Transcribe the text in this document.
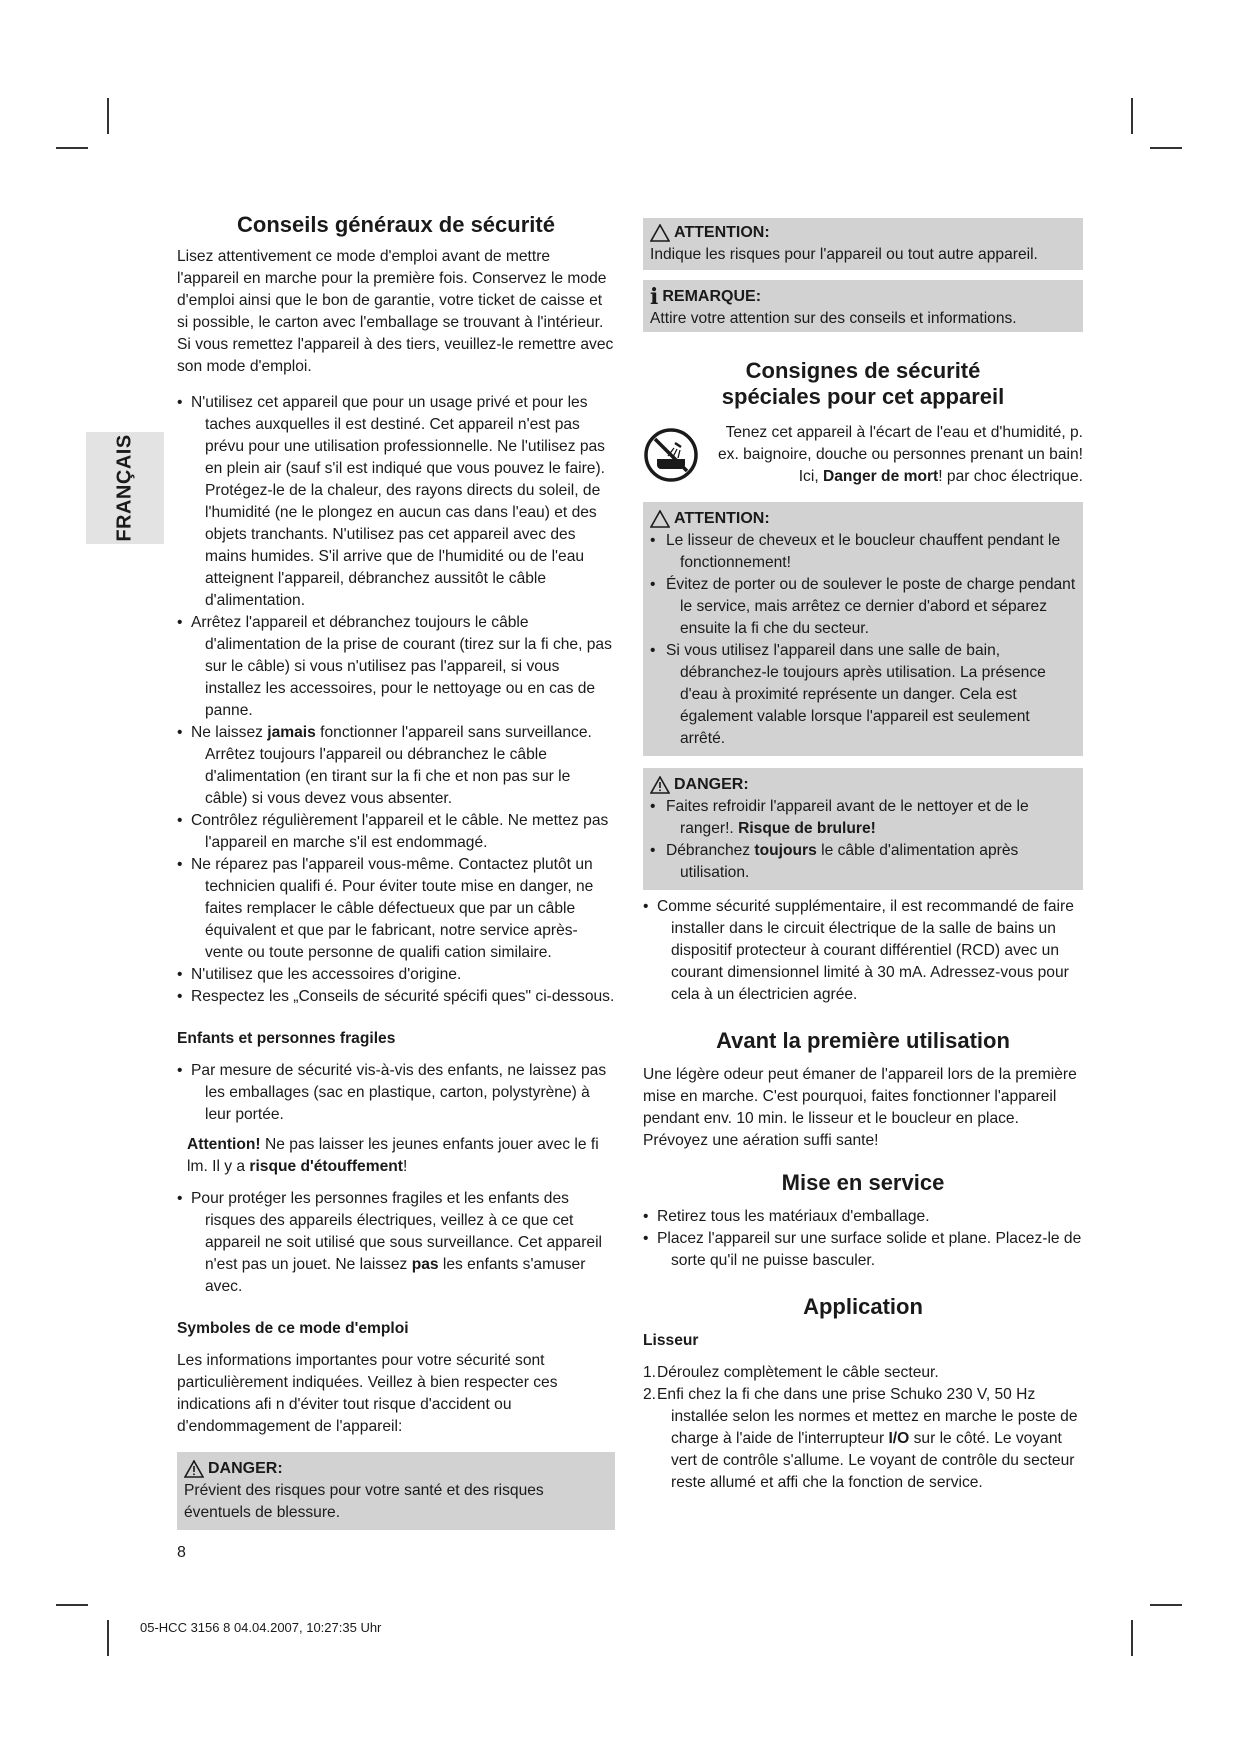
FRANÇAIS
Conseils généraux de sécurité

Lisez attentivement ce mode d'emploi avant de mettre l'appareil en marche pour la première fois. Conservez le mode d'emploi ainsi que le bon de garantie, votre ticket de caisse et si possible, le carton avec l'emballage se trouvant à l'intérieur. Si vous remettez l'appareil à des tiers, veuillez-le remettre avec son mode d'emploi.

• N'utilisez cet appareil que pour un usage privé et pour les taches auxquelles il est destiné. Cet appareil n'est pas prévu pour une utilisation professionnelle. Ne l'utilisez pas en plein air (sauf s'il est indiqué que vous pouvez le faire). Protégez-le de la chaleur, des rayons directs du soleil, de l'humidité (ne le plongez en aucun cas dans l'eau) et des objets tranchants. N'utilisez pas cet appareil avec des mains humides. S'il arrive que de l'humidité ou de l'eau atteignent l'appareil, débranchez aussitôt le câble d'alimentation.
• Arrêtez l'appareil et débranchez toujours le câble d'alimentation de la prise de courant (tirez sur la fi che, pas sur le câble) si vous n'utilisez pas l'appareil, si vous installez les accessoires, pour le nettoyage ou en cas de panne.
• Ne laissez jamais fonctionner l'appareil sans surveillance. Arrêtez toujours l'appareil ou débranchez le câble d'alimentation (en tirant sur la fi che et non pas sur le câble) si vous devez vous absenter.
• Contrôlez régulièrement l'appareil et le câble. Ne mettez pas l'appareil en marche s'il est endommagé.
• Ne réparez pas l'appareil vous-même. Contactez plutôt un technicien qualifi é. Pour éviter toute mise en danger, ne faites remplacer le câble défectueux que par un câble équivalent et que par le fabricant, notre service après-vente ou toute personne de qualifi cation similaire.
• N'utilisez que les accessoires d'origine.
• Respectez les „Conseils de sécurité spécifi ques" ci-dessous.
Enfants et personnes fragiles
• Par mesure de sécurité vis-à-vis des enfants, ne laissez pas les emballages (sac en plastique, carton, polystyrène) à leur portée.

Attention! Ne pas laisser les jeunes enfants jouer avec le fi lm. Il y a risque d'étouffement!

• Pour protéger les personnes fragiles et les enfants des risques des appareils électriques, veillez à ce que cet appareil ne soit utilisé que sous surveillance. Cet appareil n'est pas un jouet. Ne laissez pas les enfants s'amuser avec.
Symboles de ce mode d'emploi

Les informations importantes pour votre sécurité sont particulièrement indiquées. Veillez à bien respecter ces indications afi n d'éviter tout risque d'accident ou d'endommagement de l'appareil:

DANGER:

Prévient des risques pour votre santé et des risques éventuels de blessure.

ATTENTION:

Indique les risques pour l'appareil ou tout autre appareil.

i REMARQUE:

Attire votre attention sur des conseils et informations.

Consignes de sécurité spéciales pour cet appareil

Tenez cet appareil à l'écart de l'eau et d'humidité, p. ex. baignoire, douche ou personnes prenant un bain! Ici, Danger de mort! par choc électrique.

ATTENTION:
• Le lisseur de cheveux et le boucleur chauffent pendant le fonctionnement!
• Évitez de porter ou de soulever le poste de charge pendant le service, mais arrêtez ce dernier d'abord et séparez ensuite la fi che du secteur.
• Si vous utilisez l'appareil dans une salle de bain, débranchez-le toujours après utilisation. La présence d'eau à proximité représente un danger. Cela est également valable lorsque l'appareil est seulement arrêté.
DANGER:
• Faites refroidir l'appareil avant de le nettoyer et de le ranger!. Risque de brulure!
• Débranchez toujours le câble d'alimentation après utilisation.
• Comme sécurité supplémentaire, il est recommandé de faire installer dans le circuit électrique de la salle de bains un dispositif protecteur à courant différentiel (RCD) avec un courant dimensionnel limité à 30 mA. Adressez-vous pour cela à un électricien agrée.
Avant la première utilisation

Une légère odeur peut émaner de l'appareil lors de la première mise en marche. C'est pourquoi, faites fonctionner l'appareil pendant env. 10 min. le lisseur et le boucleur en place. Prévoyez une aération suffi sante!

Mise en service
• Retirez tous les matériaux d'emballage.
• Placez l'appareil sur une surface solide et plane. Placez-le de sorte qu'il ne puisse basculer.
Application
Lisseur
1. Déroulez complètement le câble secteur.
2. Enfi chez la fi che dans une prise Schuko 230 V, 50 Hz installée selon les normes et mettez en marche le poste de charge à l'aide de l'interrupteur I/O sur le côté. Le voyant vert de contrôle s'allume. Le voyant de contrôle du secteur reste allumé et affi che la fonction de service.
8
05-HCC 3156 8 04.04.2007, 10:27:35 Uhr
